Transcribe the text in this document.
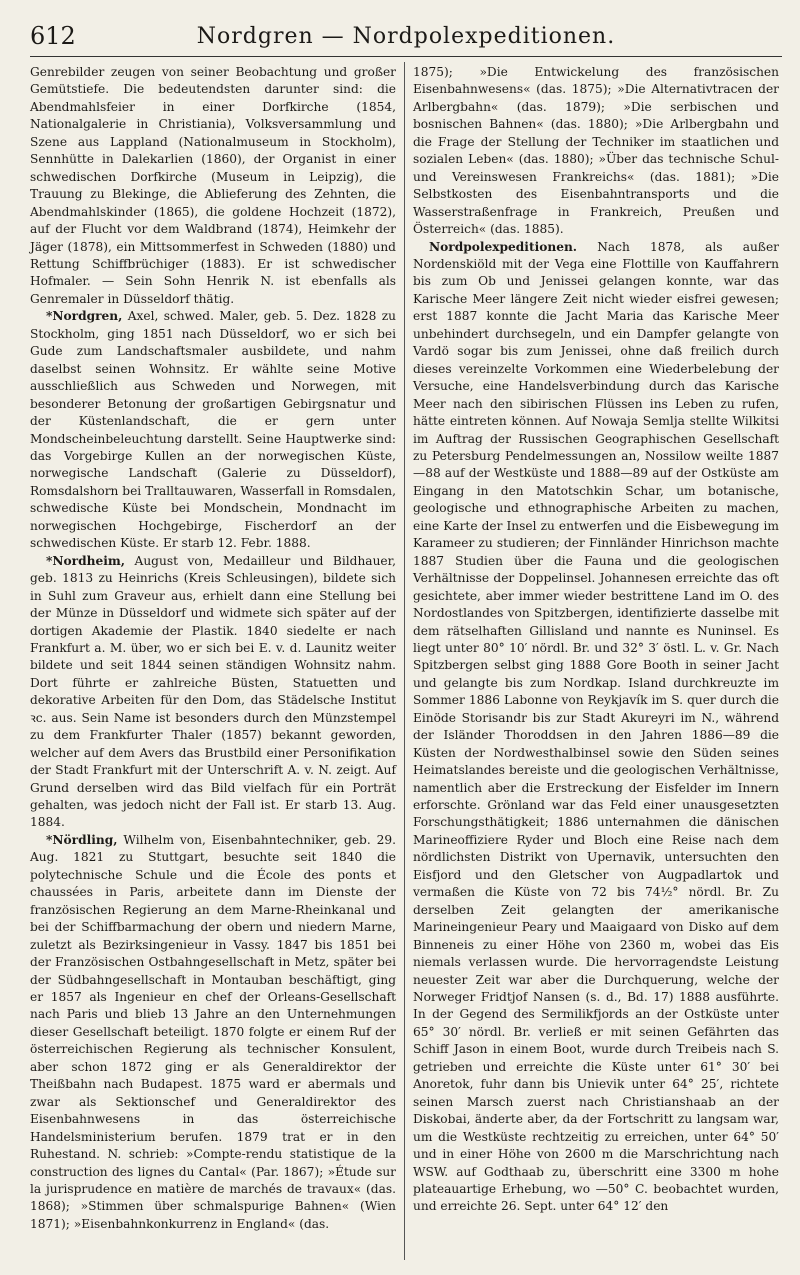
612	Nordgren — Nordpolexpeditionen.

Genrebilder zeugen von seiner Beobachtung und großer Gemütstiefe. Die bedeutendsten darunter sind: die Abendmahlsfeier in einer Dorfkirche (1854, Nationalgalerie in Christiania), Volksversammlung und Szene aus Lappland (Nationalmuseum in Stockholm), Sennhütte in Dalekarlien (1860), der Organist in einer schwedischen Dorfkirche (Museum in Leipzig), die Trauung zu Blekinge, die Ablieferung des Zehnten, die Abendmahlskinder (1865), die goldene Hochzeit (1872), auf der Flucht vor dem Waldbrand (1874), Heimkehr der Jäger (1878), ein Mittsommerfest in Schweden (1880) und Rettung Schiffbrüchiger (1883). Er ist schwedischer Hofmaler. — Sein Sohn Henrik N. ist ebenfalls als Genremaler in Düsseldorf thätig.

*Nordgren, Axel, schwed. Maler, geb. 5. Dez. 1828 zu Stockholm, ging 1851 nach Düsseldorf, wo er sich bei Gude zum Landschaftsmaler ausbildete, und nahm daselbst seinen Wohnsitz. Er wählte seine Motive ausschließlich aus Schweden und Norwegen, mit besonderer Betonung der großartigen Gebirgsnatur und der Küstenlandschaft, die er gern unter Mondscheinbeleuchtung darstellt. Seine Hauptwerke sind: das Vorgebirge Kullen an der norwegischen Küste, norwegische Landschaft (Galerie zu Düsseldorf), Romsdalshorn bei Tralltauwaren, Wasserfall in Romsdalen, schwedische Küste bei Mondschein, Mondnacht im norwegischen Hochgebirge, Fischerdorf an der schwedischen Küste. Er starb 12. Febr. 1888.

*Nordheim, August von, Medailleur und Bildhauer, geb. 1813 zu Heinrichs (Kreis Schleusingen), bildete sich in Suhl zum Graveur aus, erhielt dann eine Stellung bei der Münze in Düsseldorf und widmete sich später auf der dortigen Akademie der Plastik. 1840 siedelte er nach Frankfurt a. M. über, wo er sich bei E. v. d. Launitz weiter bildete und seit 1844 seinen ständigen Wohnsitz nahm. Dort führte er zahlreiche Büsten, Statuetten und dekorative Arbeiten für den Dom, das Städelsche Institut ꝛc. aus. Sein Name ist besonders durch den Münzstempel zu dem Frankfurter Thaler (1857) bekannt geworden, welcher auf dem Avers das Brustbild einer Personifikation der Stadt Frankfurt mit der Unterschrift A. v. N. zeigt. Auf Grund derselben wird das Bild vielfach für ein Porträt gehalten, was jedoch nicht der Fall ist. Er starb 13. Aug. 1884.

*Nördling, Wilhelm von, Eisenbahntechniker, geb. 29. Aug. 1821 zu Stuttgart, besuchte seit 1840 die polytechnische Schule und die École des ponts et chaussées in Paris, arbeitete dann im Dienste der französischen Regierung an dem Marne-Rheinkanal und bei der Schiffbarmachung der obern und niedern Marne, zuletzt als Bezirksingenieur in Vassy. 1847 bis 1851 bei der Französischen Ostbahngesellschaft in Metz, später bei der Südbahngesellschaft in Montauban beschäftigt, ging er 1857 als Ingenieur en chef der Orleans-Gesellschaft nach Paris und blieb 13 Jahre an den Unternehmungen dieser Gesellschaft beteiligt. 1870 folgte er einem Ruf der österreichischen Regierung als technischer Konsulent, aber schon 1872 ging er als Generaldirektor der Theißbahn nach Budapest. 1875 ward er abermals und zwar als Sektionschef und Generaldirektor des Eisenbahnwesens in das österreichische Handelsministerium berufen. 1879 trat er in den Ruhestand. N. schrieb: »Compte-rendu statistique de la construction des lignes du Cantal« (Par. 1867); »Étude sur la jurisprudence en matière de marchés de travaux« (das. 1868); »Stimmen über schmalspurige Bahnen« (Wien 1871); »Eisenbahnkonkurrenz in England« (das.

1875); »Die Entwickelung des französischen Eisenbahnwesens« (das. 1875); »Die Alternativtracen der Arlbergbahn« (das. 1879); »Die serbischen und bosnischen Bahnen« (das. 1880); »Die Arlbergbahn und die Frage der Stellung der Techniker im staatlichen und sozialen Leben« (das. 1880); »Über das technische Schul- und Vereinswesen Frankreichs« (das. 1881); »Die Selbstkosten des Eisenbahntransports und die Wasserstraßenfrage in Frankreich, Preußen und Österreich« (das. 1885).

Nordpolexpeditionen. Nach 1878, als außer Nordenskiöld mit der Vega eine Flottille von Kauffahrern bis zum Ob und Jenissei gelangen konnte, war das Karische Meer längere Zeit nicht wieder eisfrei gewesen; erst 1887 konnte die Jacht Maria das Karische Meer unbehindert durchsegeln, und ein Dampfer gelangte von Vardö sogar bis zum Jenissei, ohne daß freilich durch dieses vereinzelte Vorkommen eine Wiederbelebung der Versuche, eine Handelsverbindung durch das Karische Meer nach den sibirischen Flüssen ins Leben zu rufen, hätte eintreten können. Auf Nowaja Semlja stellte Wilkitsi im Auftrag der Russischen Geographischen Gesellschaft zu Petersburg Pendelmessungen an, Nossilow weilte 1887—88 auf der Westküste und 1888—89 auf der Ostküste am Eingang in den Matotschkin Schar, um botanische, geologische und ethnographische Arbeiten zu machen, eine Karte der Insel zu entwerfen und die Eisbewegung im Karameer zu studieren; der Finnländer Hinrichson machte 1887 Studien über die Fauna und die geologischen Verhältnisse der Doppelinsel. Johannesen erreichte das oft gesichtete, aber immer wieder bestrittene Land im O. des Nordostlandes von Spitzbergen, identifizierte dasselbe mit dem rätselhaften Gillisland und nannte es Nuninsel. Es liegt unter 80° 10′ nördl. Br. und 32° 3′ östl. L. v. Gr. Nach Spitzbergen selbst ging 1888 Gore Booth in seiner Jacht und gelangte bis zum Nordkap. Island durchkreuzte im Sommer 1886 Labonne von Reykjavík im S. quer durch die Einöde Storisandr bis zur Stadt Akureyri im N., während der Isländer Thoroddsen in den Jahren 1886—89 die Küsten der Nordwesthalbinsel sowie den Süden seines Heimatslandes bereiste und die geologischen Verhältnisse, namentlich aber die Erstreckung der Eisfelder im Innern erforschte. Grönland war das Feld einer unausgesetzten Forschungsthätigkeit; 1886 unternahmen die dänischen Marineoffiziere Ryder und Bloch eine Reise nach dem nördlichsten Distrikt von Upernavik, untersuchten den Eisfjord und den Gletscher von Augpadlartok und vermaßen die Küste von 72 bis 74½° nördl. Br. Zu derselben Zeit gelangten der amerikanische Marineingenieur Peary und Maaigaard von Disko auf dem Binneneis zu einer Höhe von 2360 m, wobei das Eis niemals verlassen wurde. Die hervorragendste Leistung neuester Zeit war aber die Durchquerung, welche der Norweger Fridtjof Nansen (s. d., Bd. 17) 1888 ausführte. In der Gegend des Sermilikfjords an der Ostküste unter 65° 30′ nördl. Br. verließ er mit seinen Gefährten das Schiff Jason in einem Boot, wurde durch Treibeis nach S. getrieben und erreichte die Küste unter 61° 30′ bei Anoretok, fuhr dann bis Unievik unter 64° 25′, richtete seinen Marsch zuerst nach Christianshaab an der Diskobai, änderte aber, da der Fortschritt zu langsam war, um die Westküste rechtzeitig zu erreichen, unter 64° 50′ und in einer Höhe von 2600 m die Marschrichtung nach WSW. auf Godthaab zu, überschritt eine 3300 m hohe plateauartige Erhebung, wo —50° C. beobachtet wurden, und erreichte 26. Sept. unter 64° 12′ den
